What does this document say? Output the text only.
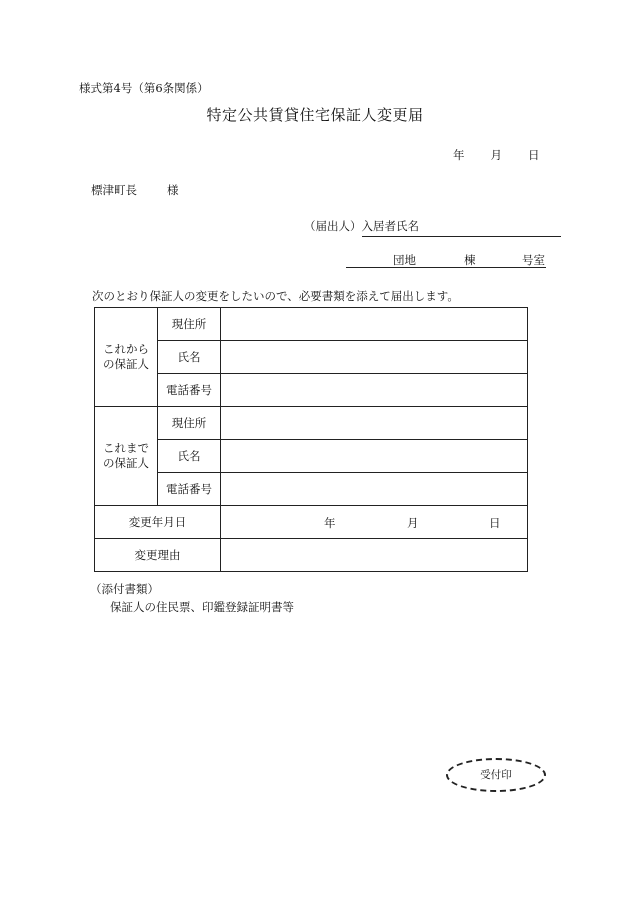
様式第4号（第6条関係）
特定公共賃貸住宅保証人変更届
年 月 日
標津町長	様
（届出人）入居者氏名
団地	棟	号室
次のとおり保証人の変更をしたいので、必要書類を添えて届出します。
これから
の保証人	現住所	
	氏名	
	電話番号	
これまで
の保証人	現住所	
	氏名	
	電話番号	
変更年月日		年 月 日

変更理由		
（添付書類）
保証人の住民票、印鑑登録証明書等
受付印
